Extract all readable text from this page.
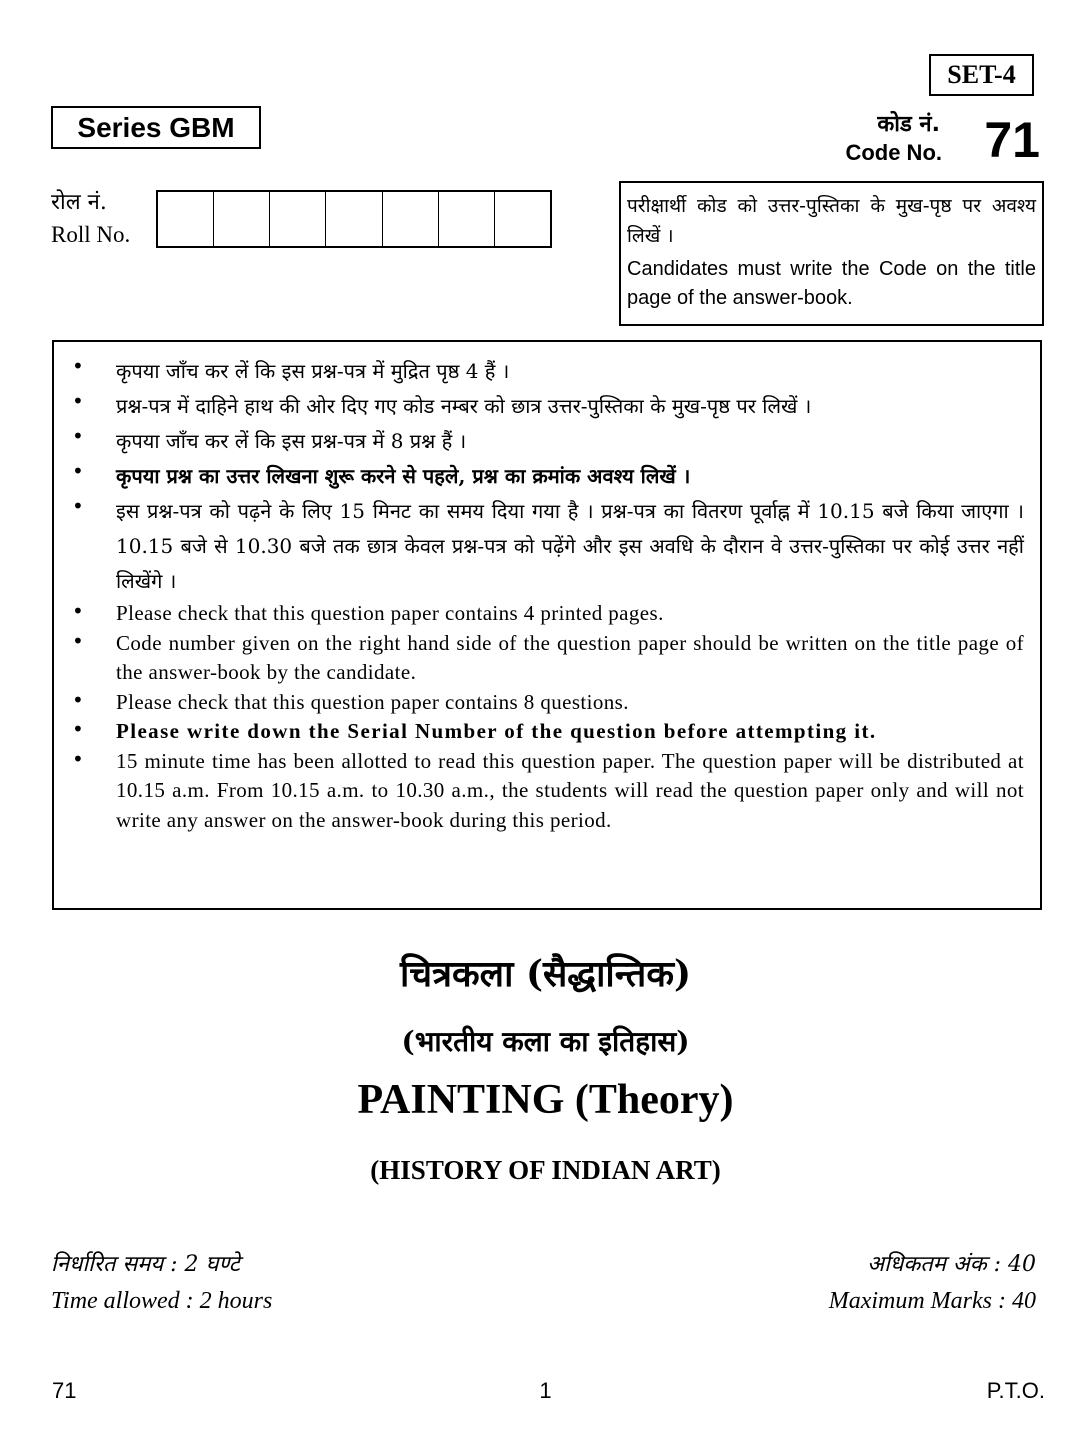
SET-4
Series GBM	कोड नं.
Code No. 71
रोल नं.
Roll No.
परीक्षार्थी कोड को उत्तर-पुस्तिका के मुख-पृष्ठ पर अवश्य लिखें ।
Candidates must write the Code on the title page of the answer-book.
•	कृपया जाँच कर लें कि इस प्रश्न-पत्र में मुद्रित पृष्ठ 4 हैं ।
•	प्रश्न-पत्र में दाहिने हाथ की ओर दिए गए कोड नम्बर को छात्र उत्तर-पुस्तिका के मुख-पृष्ठ पर लिखें ।
•	कृपया जाँच कर लें कि इस प्रश्न-पत्र में 8 प्रश्न हैं ।
•	कृपया प्रश्न का उत्तर लिखना शुरू करने से पहले, प्रश्न का क्रमांक अवश्य लिखें ।
•	इस प्रश्न-पत्र को पढ़ने के लिए 15 मिनट का समय दिया गया है । प्रश्न-पत्र का वितरण पूर्वाह्न में 10.15 बजे किया जाएगा । 10.15 बजे से 10.30 बजे तक छात्र केवल प्रश्न-पत्र को पढ़ेंगे और इस अवधि के दौरान वे उत्तर-पुस्तिका पर कोई उत्तर नहीं लिखेंगे ।
•	Please check that this question paper contains 4 printed pages.
•	Code number given on the right hand side of the question paper should be written on the title page of the answer-book by the candidate.
•	Please check that this question paper contains 8 questions.
•	Please write down the Serial Number of the question before attempting it.
•	15 minute time has been allotted to read this question paper. The question paper will be distributed at 10.15 a.m. From 10.15 a.m. to 10.30 a.m., the students will read the question paper only and will not write any answer on the answer-book during this period.
चित्रकला (सैद्धान्तिक)
(भारतीय कला का इतिहास)
PAINTING (Theory)
(HISTORY OF INDIAN ART)
निर्धारित समय : 2 घण्टे
Time allowed : 2 hours
अधिकतम अंक : 40
Maximum Marks : 40
71	1	P.T.O.
